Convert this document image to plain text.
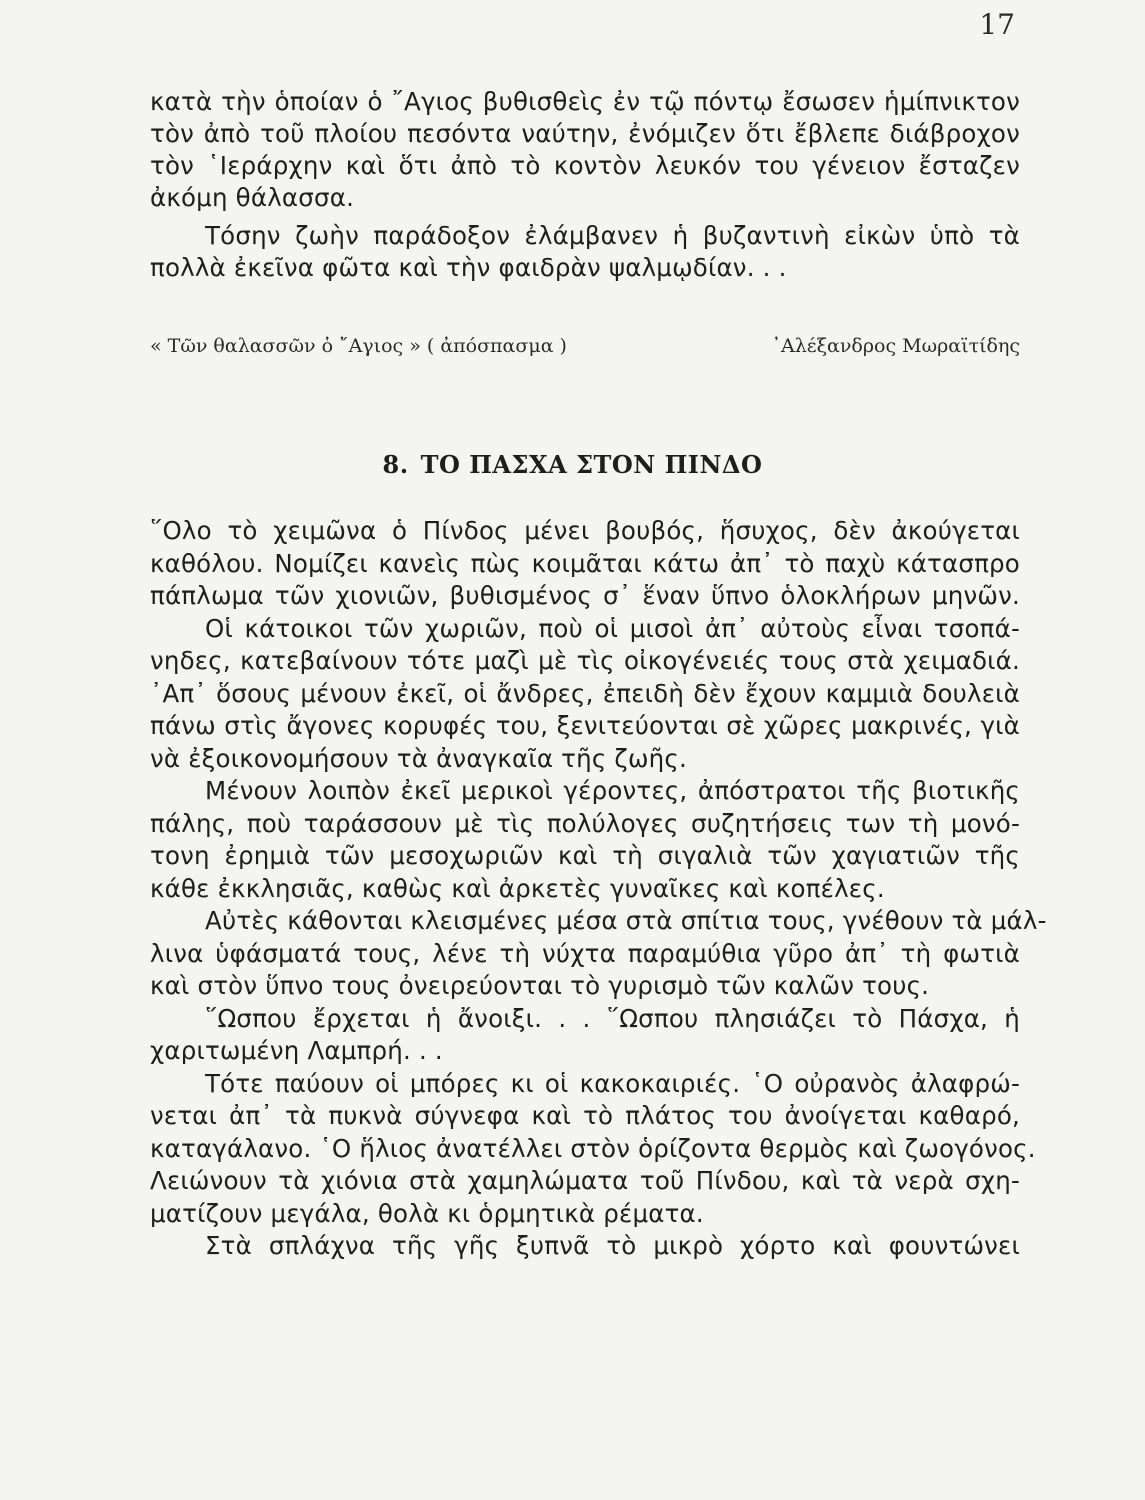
17
κατὰ τὴν ὁποίαν ὁ ῎Αγιος βυθισθεὶς ἐν τῷ πόντῳ ἔσωσεν ἡμίπνικτον
τὸν ἀπὸ τοῦ πλοίου πεσόντα ναύτην, ἐνόμιζεν ὅτι ἔβλεπε διάβροχον
τὸν ῾Ιεράρχην καὶ ὅτι ἀπὸ τὸ κοντὸν λευκόν του γένειον ἔσταζεν
ἀκόμη θάλασσα.
Τόσην ζωὴν παράδοξον ἐλάμβανεν ἡ βυζαντινὴ εἰκὼν ὑπὸ τὰ
πολλὰ ἐκεῖνα φῶτα καὶ τὴν φαιδρὰν ψαλμῳδίαν. . .
« Τῶν θαλασσῶν ὁ ῎Αγιος » ( ἀπόσπασμα )	᾿Αλέξανδρος Μωραϊτίδης
8. ΤΟ ΠΑΣΧΑ ΣΤΟΝ ΠΙΝΔΟ
῞Ολο τὸ χειμῶνα ὁ Πίνδος μένει βουβός, ἥσυχος, δὲν ἀκούγεται
καθόλου. Νομίζει κανεὶς πὼς κοιμᾶται κάτω ἀπ᾿ τὸ παχὺ κάτασπρο
πάπλωμα τῶν χιονιῶν, βυθισμένος σ᾿ ἕναν ὕπνο ὁλοκλήρων μηνῶν.
Οἱ κάτοικοι τῶν χωριῶν, ποὺ οἱ μισοὶ ἀπ᾿ αὐτοὺς εἶναι τσοπά-
νηδες, κατεβαίνουν τότε μαζὶ μὲ τὶς οἰκογένειές τους στὰ χειμαδιά.
᾿Απ᾿ ὅσους μένουν ἐκεῖ, οἱ ἄνδρες, ἐπειδὴ δὲν ἔχουν καμμιὰ δουλειὰ
πάνω στὶς ἄγονες κορυφές του, ξενιτεύονται σὲ χῶρες μακρινές, γιὰ
νὰ ἐξοικονομήσουν τὰ ἀναγκαῖα τῆς ζωῆς.
Μένουν λοιπὸν ἐκεῖ μερικοὶ γέροντες, ἀπόστρατοι τῆς βιοτικῆς
πάλης, ποὺ ταράσσουν μὲ τὶς πολύλογες συζητήσεις των τὴ μονό-
τονη ἐρημιὰ τῶν μεσοχωριῶν καὶ τὴ σιγαλιὰ τῶν χαγιατιῶν τῆς
κάθε ἐκκλησιᾶς, καθὼς καὶ ἀρκετὲς γυναῖκες καὶ κοπέλες.
Αὐτὲς κάθονται κλεισμένες μέσα στὰ σπίτια τους, γνέθουν τὰ μάλ-
λινα ὑφάσματά τους, λένε τὴ νύχτα παραμύθια γῦρο ἀπ᾿ τὴ φωτιὰ
καὶ στὸν ὕπνο τους ὀνειρεύονται τὸ γυρισμὸ τῶν καλῶν τους.
῞Ωσπου ἔρχεται ἡ ἄνοιξι. . . ῞Ωσπου πλησιάζει τὸ Πάσχα, ἡ
χαριτωμένη Λαμπρή. . .
Τότε παύουν οἱ μπόρες κι οἱ κακοκαιριές. ῾Ο οὐρανὸς ἀλαφρώ-
νεται ἀπ᾿ τὰ πυκνὰ σύγνεφα καὶ τὸ πλάτος του ἀνοίγεται καθαρό,
καταγάλανο. ῾Ο ἥλιος ἀνατέλλει στὸν ὁρίζοντα θερμὸς καὶ ζωογόνος.
Λειώνουν τὰ χιόνια στὰ χαμηλώματα τοῦ Πίνδου, καὶ τὰ νερὰ σχη-
ματίζουν μεγάλα, θολὰ κι ὁρμητικὰ ρέματα.
Στὰ σπλάχνα τῆς γῆς ξυπνᾶ τὸ μικρὸ χόρτο καὶ φουντώνει
